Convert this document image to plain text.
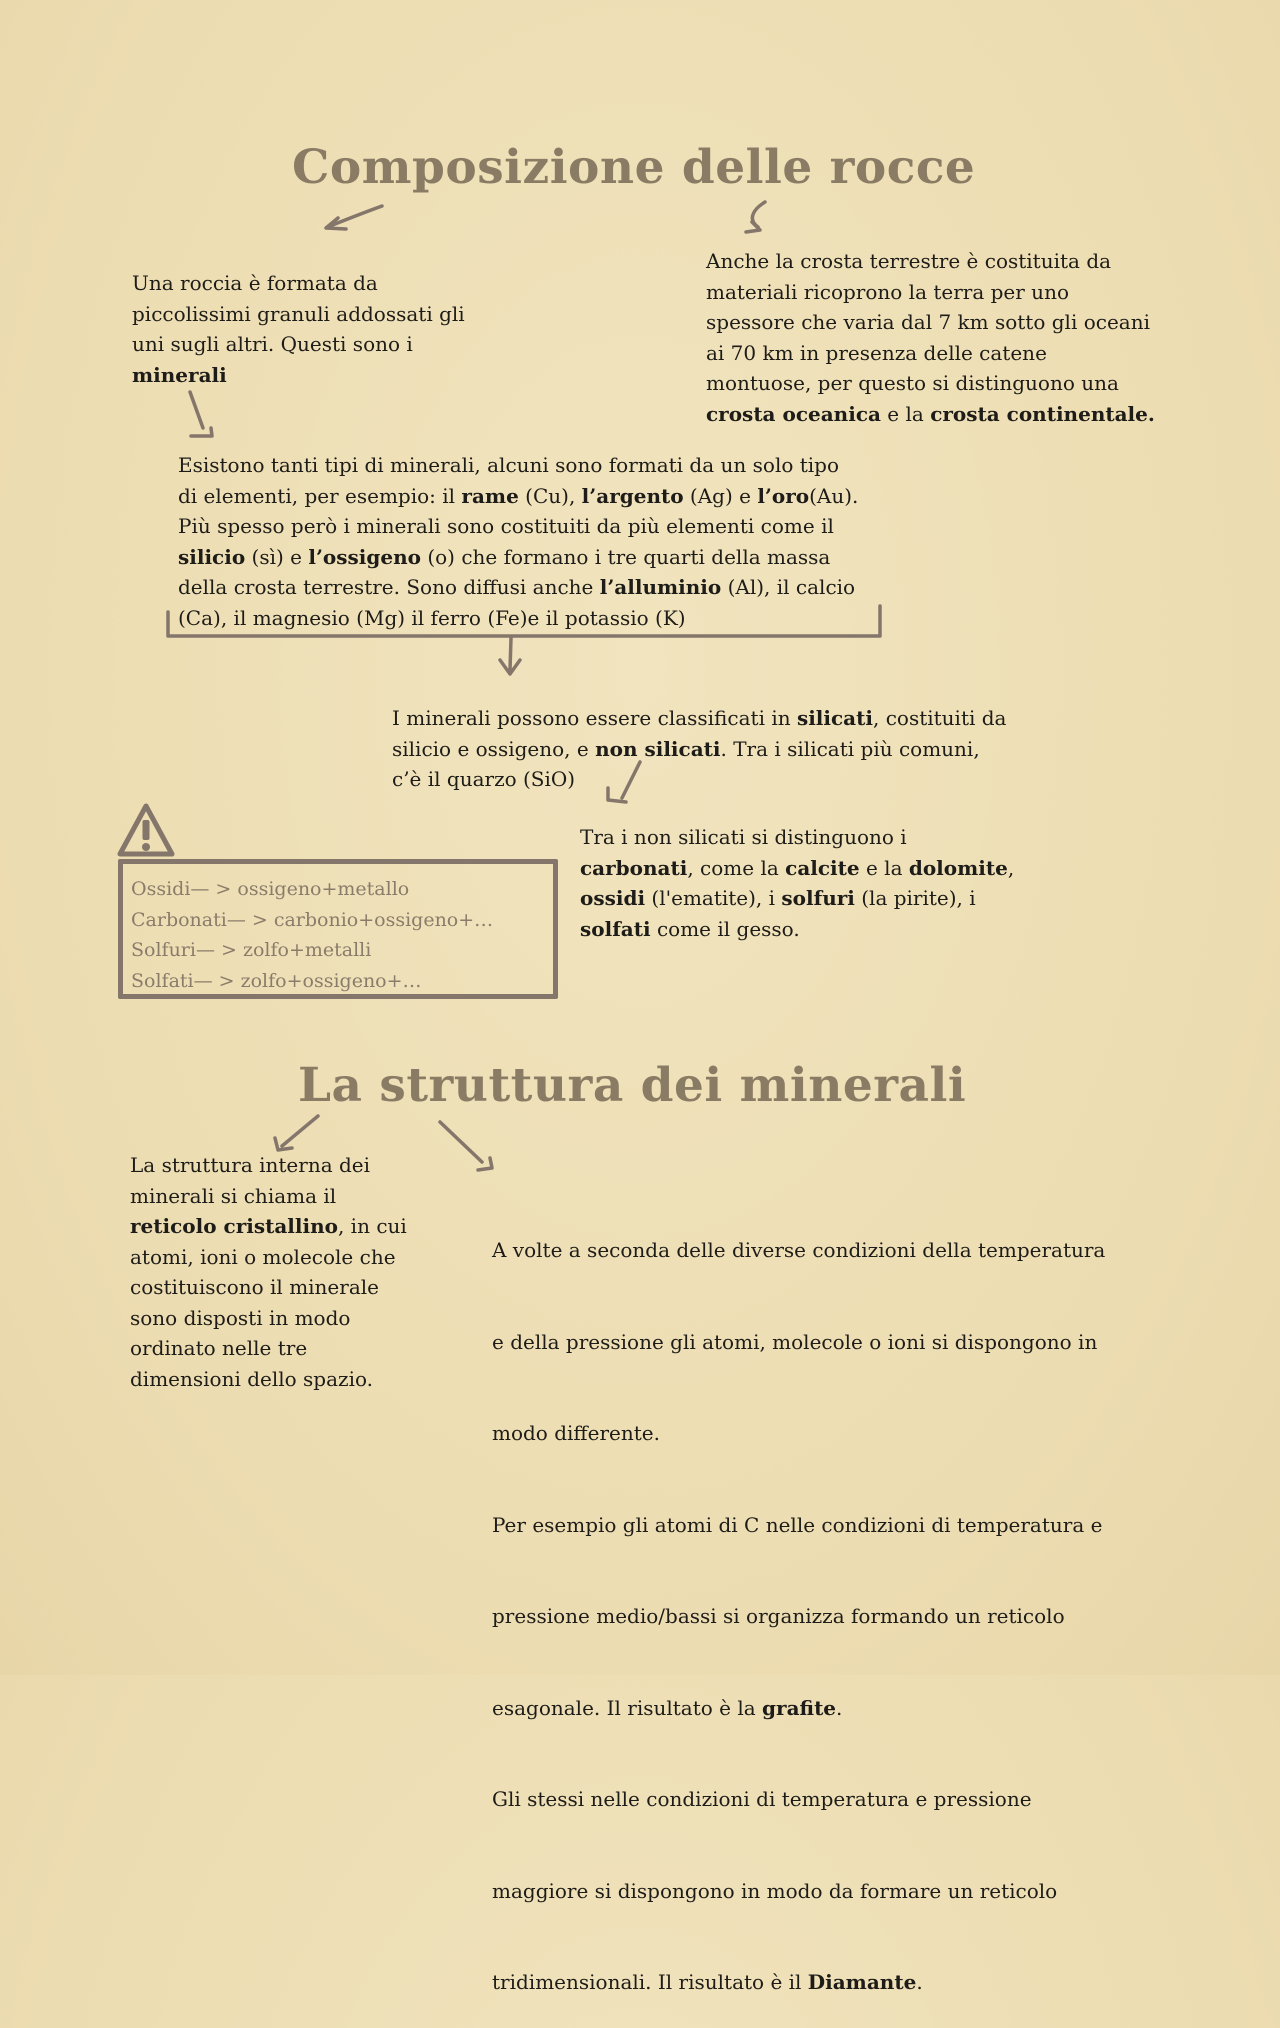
Composizione delle rocce
Una roccia è formata da
piccolissimi granuli addossati gli
uni sugli altri. Questi sono i
minerali
Anche la crosta terrestre è costituita da
materiali ricoprono la terra per uno
spessore che varia dal 7 km sotto gli oceani
ai 70 km in presenza delle catene
montuose, per questo si distinguono una
crosta oceanica e la crosta continentale.
Esistono tanti tipi di minerali, alcuni sono formati da un solo tipo
di elementi, per esempio: il rame (Cu), l’argento (Ag) e l’oro(Au).
Più spesso però i minerali sono costituiti da più elementi come il
silicio (sì) e l’ossigeno (o) che formano i tre quarti della massa
della crosta terrestre. Sono diffusi anche l’alluminio (Al), il calcio
(Ca), il magnesio (Mg) il ferro (Fe)e il potassio (K)
I minerali possono essere classificati in silicati, costituiti da
silicio e ossigeno, e non silicati. Tra i silicati più comuni,
c’è il quarzo (SiO)
Tra i non silicati si distinguono i
carbonati, come la calcite e la dolomite,
ossidi (l'ematite), i solfuri (la pirite), i
solfati come il gesso.
Ossidi— > ossigeno+metallo
Carbonati— > carbonio+ossigeno+…
Solfuri— > zolfo+metalli
Solfati— > zolfo+ossigeno+…
La struttura dei minerali
La struttura interna dei
minerali si chiama il
reticolo cristallino, in cui
atomi, ioni o molecole che
costituiscono il minerale
sono disposti in modo
ordinato nelle tre
dimensioni dello spazio.

A volte a seconda delle diverse condizioni della temperatura

e della pressione gli atomi, molecole o ioni si dispongono in

modo differente.

Per esempio gli atomi di C nelle condizioni di temperatura e

pressione medio/bassi si organizza formando un reticolo

esagonale. Il risultato è la grafite.

Gli stessi nelle condizioni di temperatura e pressione

maggiore si dispongono in modo da formare un reticolo

tridimensionali. Il risultato è il Diamante.
